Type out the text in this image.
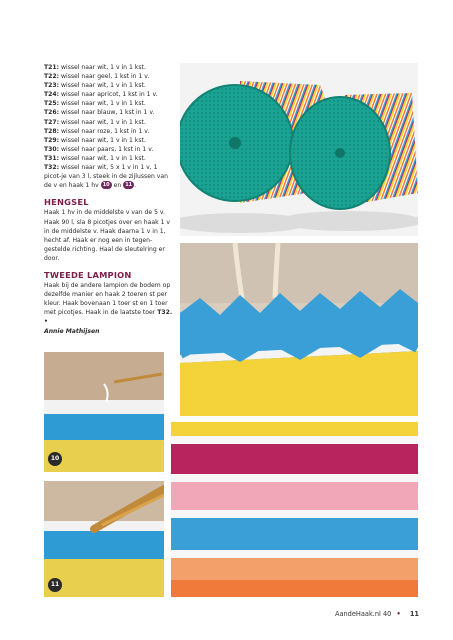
T21: wissel naar wit, 1 v in 1 kst.
T22: wissel naar geel, 1 kst in 1 v.
T23: wissel naar wit, 1 v in 1 kst.
T24: wissel naar apricot, 1 kst in 1 v.
T25: wissel naar wit, 1 v in 1 kst.
T26: wissel naar blauw, 1 kst in 1 v.
T27: wissel naar wit, 1 v in 1 kst.
T28: wissel naar roze, 1 kst in 1 v.
T29: wissel naar wit, 1 v in 1 kst.
T30: wissel naar paars, 1 kst in 1 v.
T31: wissel naar wit, 1 v in 1 kst.
T32: wissel naar wit, 5 x 1 v in 1 v, 1 picot-je van 3 l, steek in de zijlussen van de v en haak 1 hv 10 en 11 .
HENGSEL
Haak 1 hv in de middelste v van de 5 v. Haak 90 l, sla 8 picotjes over en haak 1 v in de middelste v. Haak daarna 1 v in 1, hecht af. Haak er nog een in tegen-gestelde richting. Haal de sleutelring er door.
TWEEDE LAMPION
Haak bij de andere lampion de bodem op dezelfde manier en haak 2 toeren st per kleur. Haak bovenaan 1 toer st en 1 toer met picotjes. Haak in de laatste toer T32. •
Annie Mathijsen
10
11
AandeHaak.nl 40 • 11
